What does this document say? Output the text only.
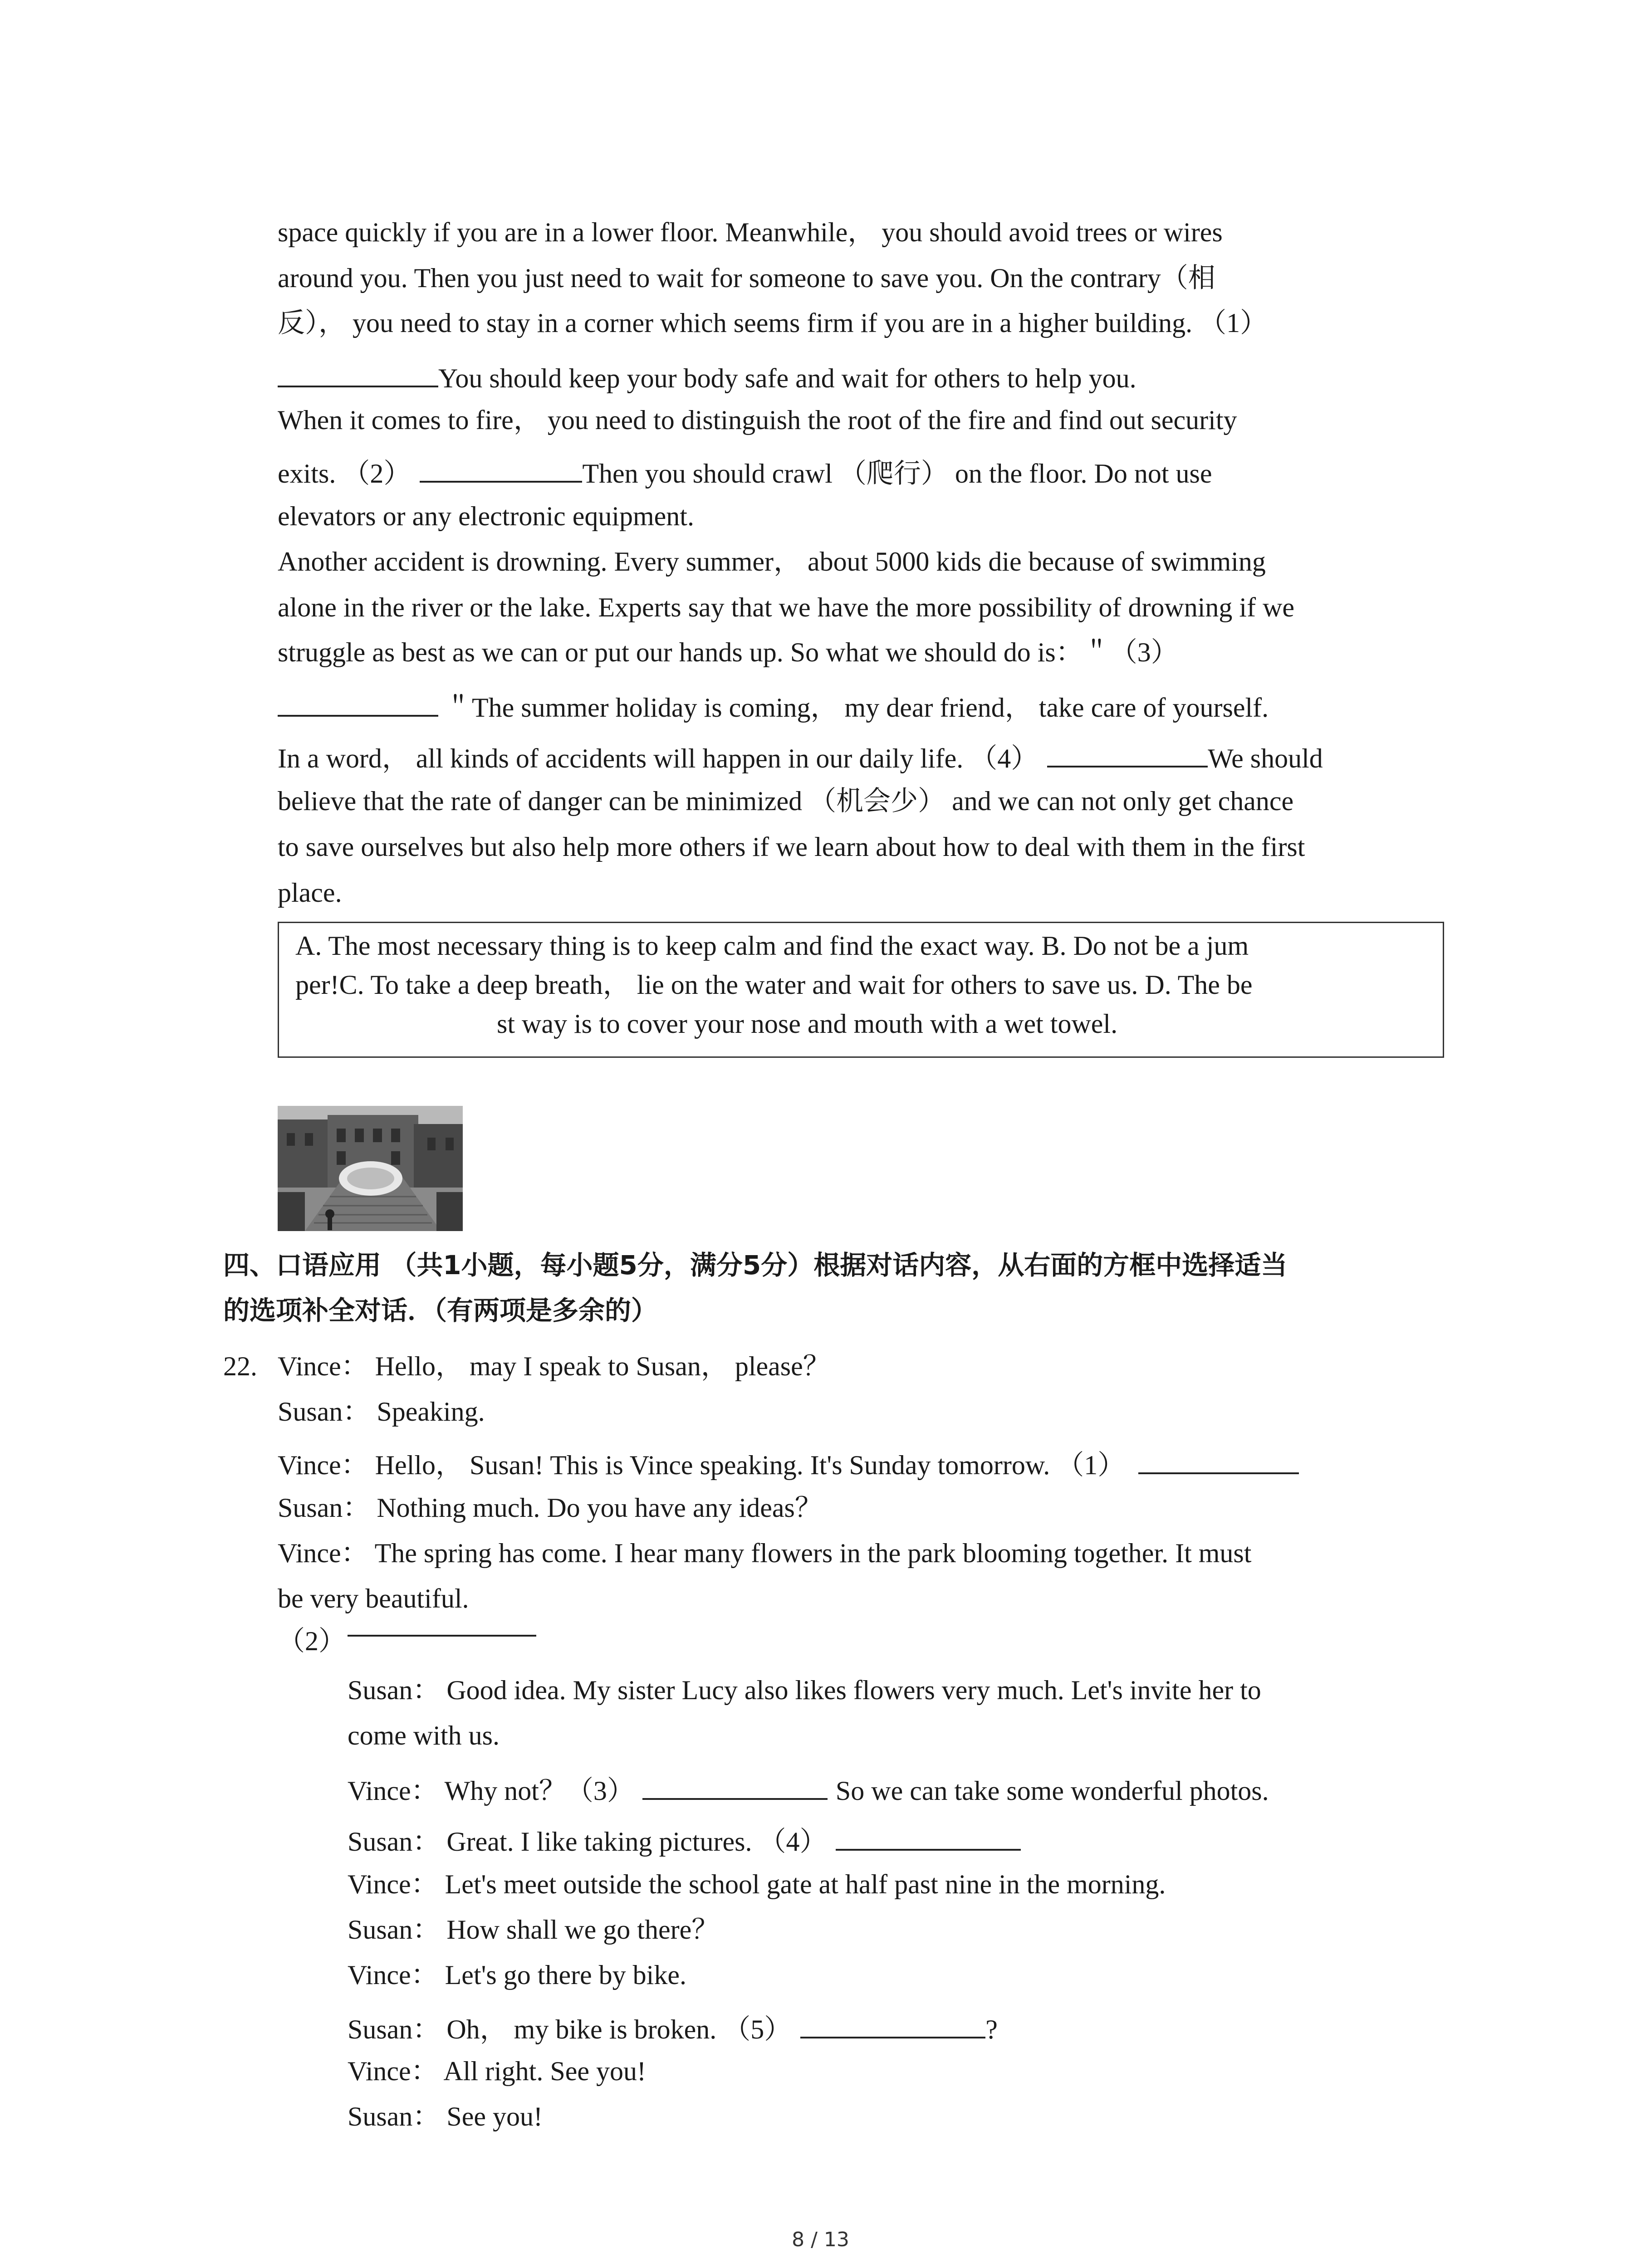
space quickly if you are in a lower floor. Meanwhile， you should avoid trees or wires
around you. Then you just need to wait for someone to save you. On the contrary（相
反）， you need to stay in a corner which seems firm if you are in a higher building. （1）
You should keep your body safe and wait for others to help you.
When it comes to fire， you need to distinguish the root of the fire and find out security
exits. （2）	Then you should crawl （爬行） on the floor. Do not use
elevators or any electronic equipment.
Another accident is drowning. Every summer， about 5000 kids die because of swimming
alone in the river or the lake. Experts say that we have the more possibility of drowning if we
struggle as best as we can or put our hands up. So what we should do is：＂（3）
＂The summer holiday is coming， my dear friend， take care of yourself.
In a word， all kinds of accidents will happen in our daily life. （4）	We should
believe that the rate of danger can be minimized （机会少） and we can not only get chance
to save ourselves but also help more others if we learn about how to deal with them in the first
place.
A. The most necessary thing is to keep calm and find the exact way. B. Do not be a jum
per!C. To take a deep breath， lie on the water and wait for others to save us. D. The be
st way is to cover your nose and mouth with a wet towel.
四、口语应用 （共1小题，每小题5分，满分5分）根据对话内容，从右面的方框中选择适当
的选项补全对话．（有两项是多余的）
22. Vince： Hello， may I speak to Susan， please？
Susan： Speaking.
Vince： Hello， Susan! This is Vince speaking. It's Sunday tomorrow. （1）
Susan： Nothing much. Do you have any ideas？
Vince： The spring has come. I hear many flowers in the park blooming together. It must
be very beautiful.
（2）
Susan： Good idea. My sister Lucy also likes flowers very much. Let's invite her to
come with us.
Vince： Why not？（3）	So we can take some wonderful photos.
Susan： Great. I like taking pictures. （4）
Vince： Let's meet outside the school gate at half past nine in the morning.
Susan： How shall we go there？
Vince： Let's go there by bike.
Susan： Oh， my bike is broken. （5）	?
Vince： All right. See you!
Susan： See you!
8 / 13
